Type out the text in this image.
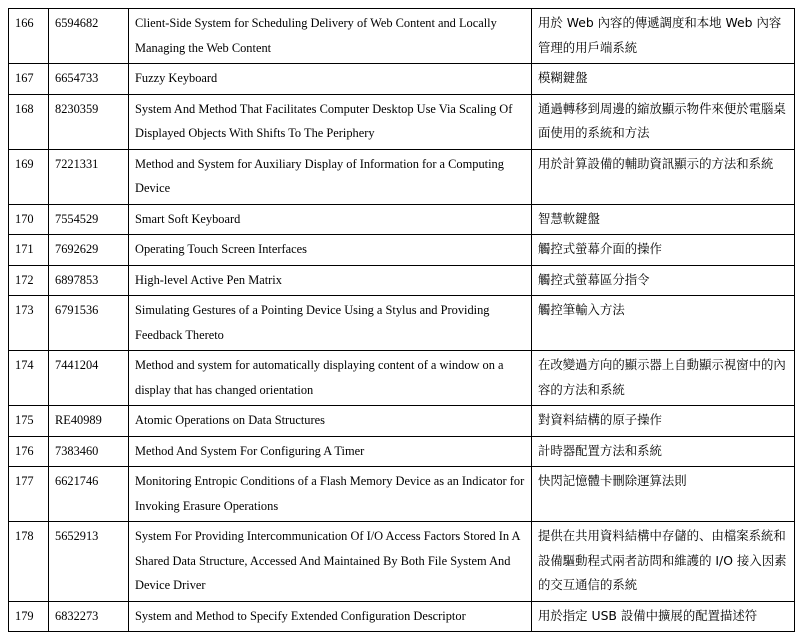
166	6594682	Client-Side System for Scheduling Delivery of Web Content and Locally Managing the Web Content	用於 Web 內容的傳遞調度和本地 Web 內容管理的用戶端系統
167	6654733	Fuzzy Keyboard	模糊鍵盤
168	8230359	System And Method That Facilitates Computer Desktop Use Via Scaling Of Displayed Objects With Shifts To The Periphery	通過轉移到周邊的縮放顯示物件來便於電腦桌面使用的系統和方法
169	7221331	Method and System for Auxiliary Display of Information for a Computing Device	用於計算設備的輔助資訊顯示的方法和系統
170	7554529	Smart Soft Keyboard	智慧軟鍵盤
171	7692629	Operating Touch Screen Interfaces	觸控式螢幕介面的操作
172	6897853	High-level Active Pen Matrix	觸控式螢幕區分指令
173	6791536	Simulating Gestures of a Pointing Device Using a Stylus and Providing Feedback Thereto	觸控筆輸入方法
174	7441204	Method and system for automatically displaying content of a window on a display that has changed orientation	在改變過方向的顯示器上自動顯示視窗中的內容的方法和系統
175	RE40989	Atomic Operations on Data Structures	對資料結構的原子操作
176	7383460	Method And System For Configuring A Timer	計時器配置方法和系統
177	6621746	Monitoring Entropic Conditions of a Flash Memory Device as an Indicator for Invoking Erasure Operations	快閃記憶體卡刪除運算法則
178	5652913	System For Providing Intercommunication Of I/O Access Factors Stored In A Shared Data Structure, Accessed And Maintained By Both File System And Device Driver	提供在共用資料結構中存儲的、由檔案系統和設備驅動程式兩者訪問和維護的 I/O 接入因素的交互通信的系統
179	6832273	System and Method to Specify Extended Configuration Descriptor	用於指定 USB 設備中擴展的配置描述符
